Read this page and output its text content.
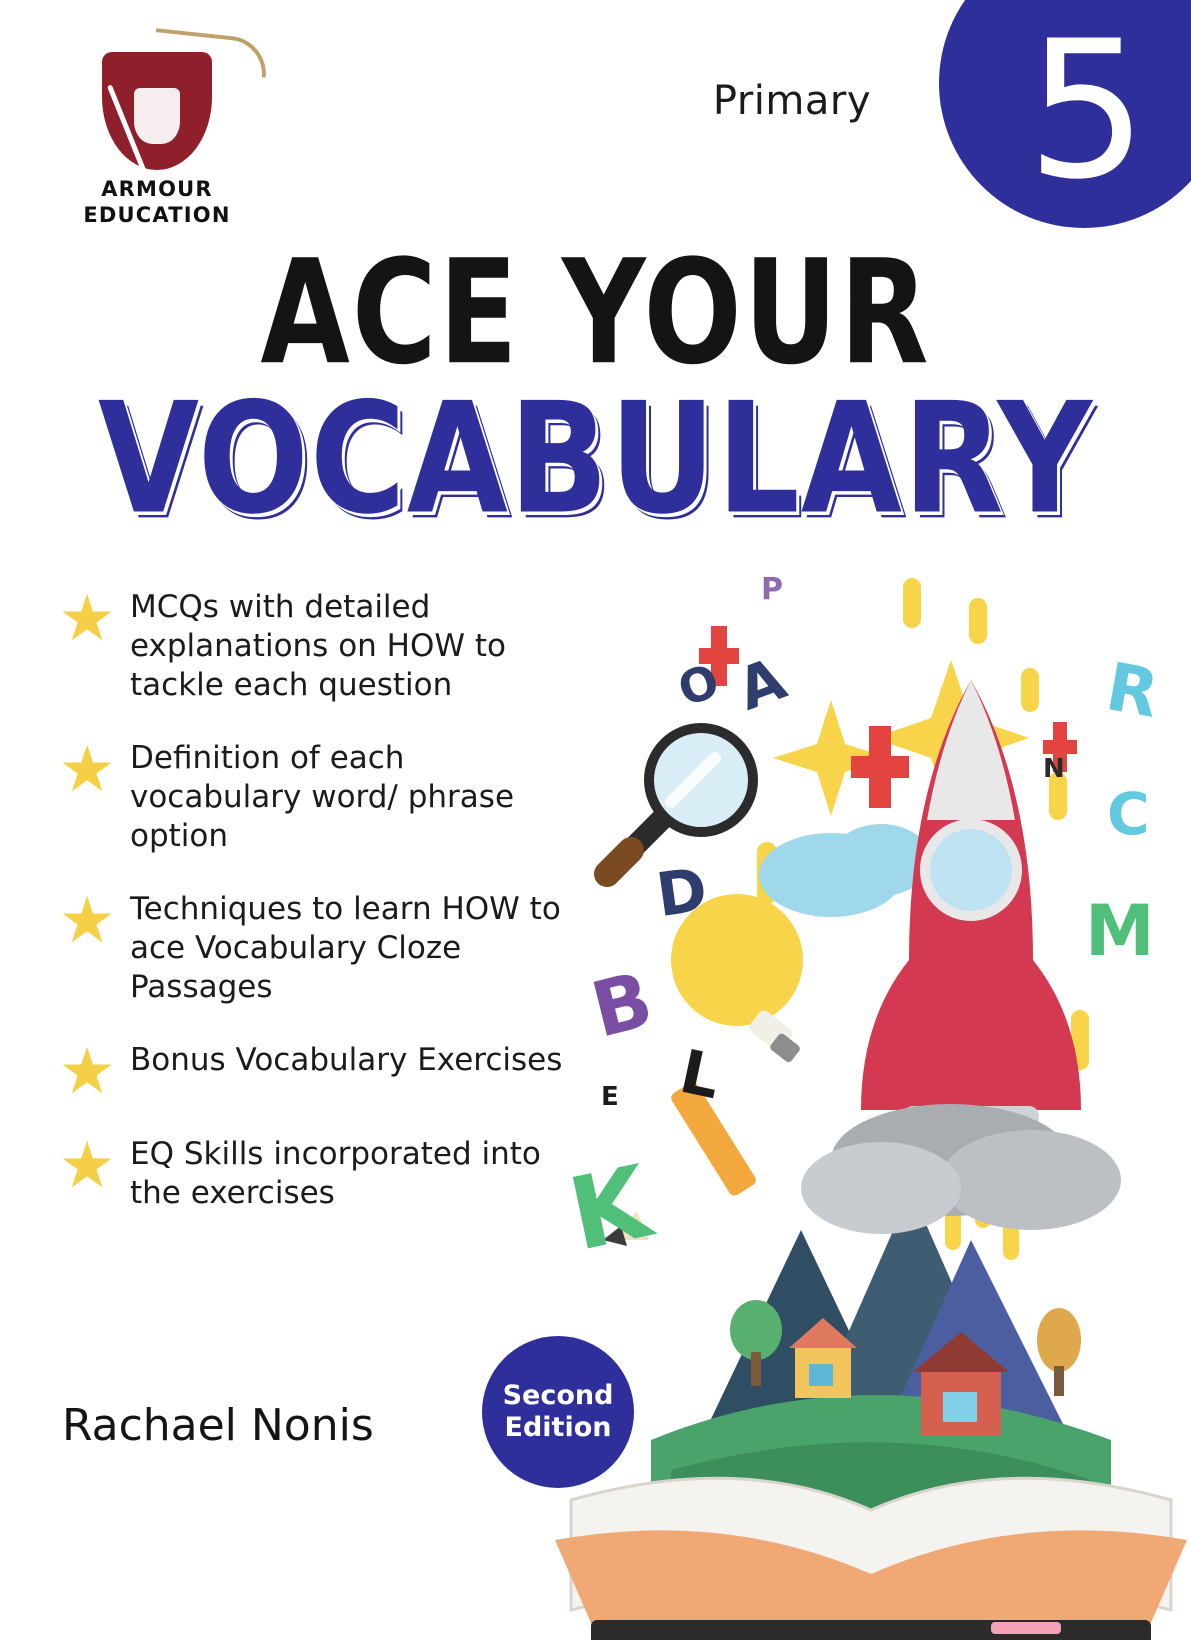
5
Primary
ARMOUR
EDUCATION
ACE YOUR
VOCABULARY
★ MCQs with detailed explanations on HOW to tackle each question
★ Definition of each vocabulary word/ phrase option
★ Techniques to learn HOW to ace Vocabulary Cloze Passages
★ Bonus Vocabulary Exercises
★ EQ Skills incorporated into the exercises
Rachael Nonis
Second
Edition
P
O A	R
N
D
C
B
M
L
E
K
